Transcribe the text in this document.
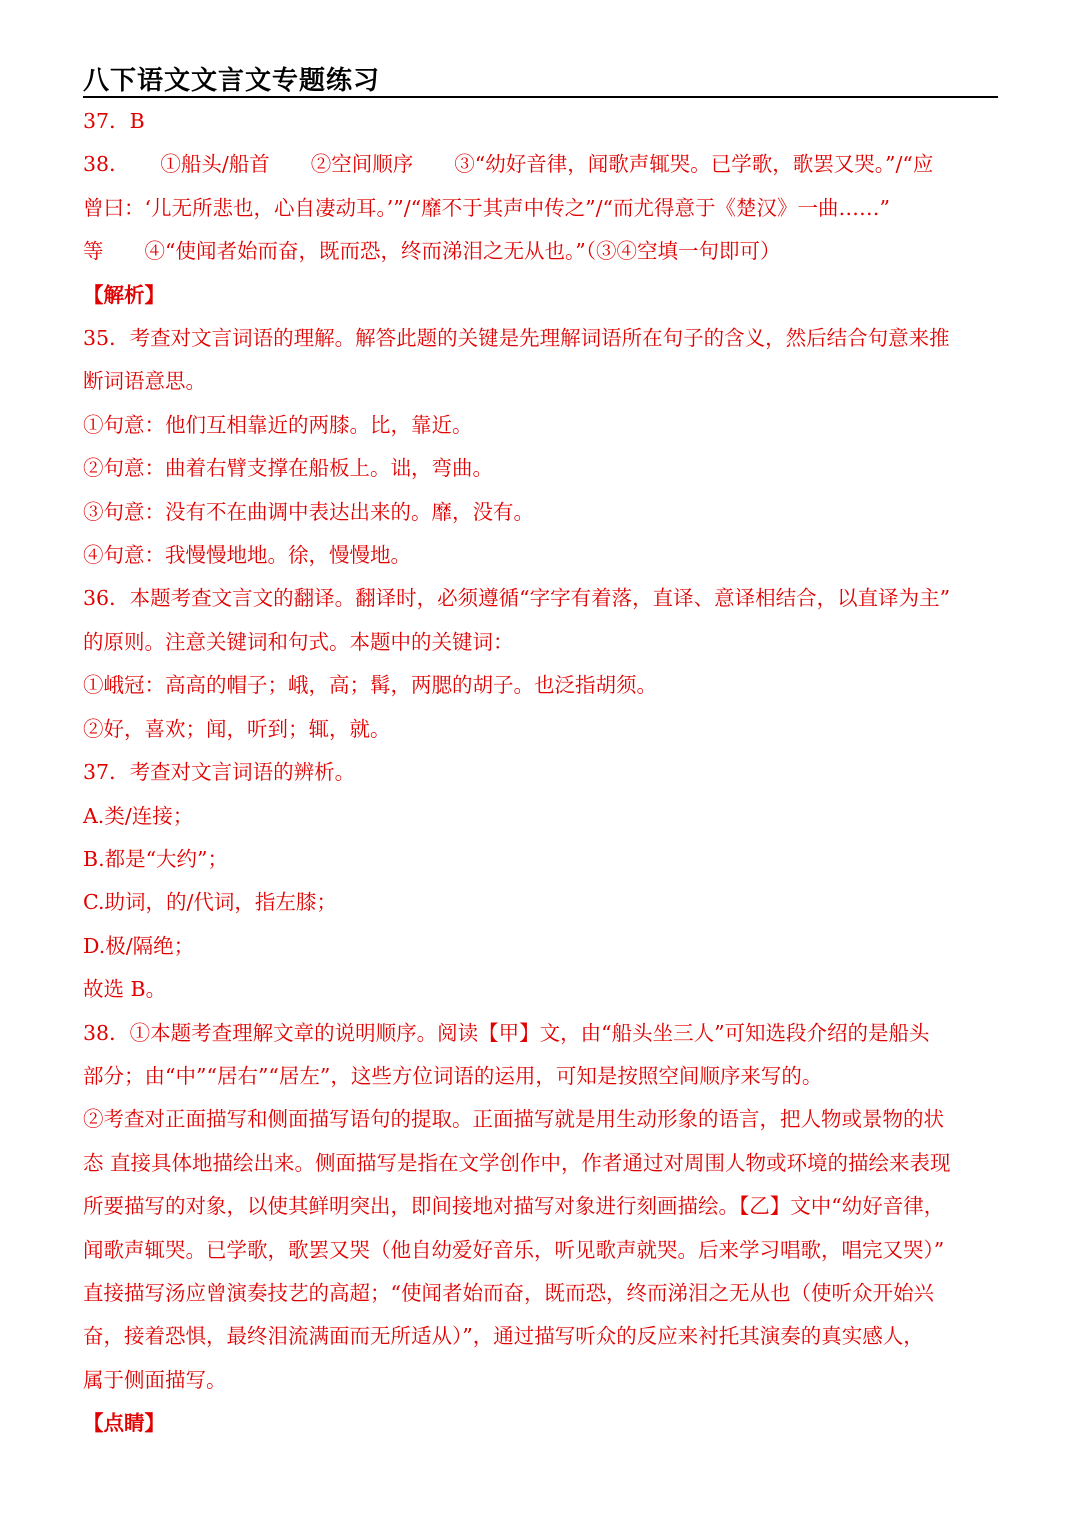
八下语文文言文专题练习
37．B
38．　　①船头/船首　　②空间顺序　　③“幼好音律，闻歌声辄哭。已学歌，歌罢又哭。”/“应
曾曰：‘儿无所悲也，心自凄动耳。’”/“靡不于其声中传之”/“而尤得意于《楚汉》一曲……”
等　　④“使闻者始而奋，既而恐，终而涕泪之无从也。”（③④空填一句即可）
【解析】
35．考查对文言词语的理解。解答此题的关键是先理解词语所在句子的含义，然后结合句意来推
断词语意思。
①句意：他们互相靠近的两膝。比，靠近。
②句意：曲着右臂支撑在船板上。诎，弯曲。
③句意：没有不在曲调中表达出来的。靡，没有。
④句意：我慢慢地地。徐，慢慢地。
36．本题考查文言文的翻译。翻译时，必须遵循“字字有着落，直译、意译相结合，以直译为主”
的原则。注意关键词和句式。本题中的关键词：
①峨冠：高高的帽子；峨，高；髯，两腮的胡子。也泛指胡须。
②好，喜欢；闻，听到；辄，就。
37．考查对文言词语的辨析。
A.类/连接；
B.都是“大约”；
C.助词，的/代词，指左膝；
D.极/隔绝；
故选 B。
38．①本题考查理解文章的说明顺序。阅读【甲】文，由“船头坐三人”可知选段介绍的是船头
部分；由“中”“居右”“居左”，这些方位词语的运用，可知是按照空间顺序来写的。
②考查对正面描写和侧面描写语句的提取。正面描写就是用生动形象的语言，把人物或景物的状
态 直接具体地描绘出来。侧面描写是指在文学创作中，作者通过对周围人物或环境的描绘来表现
所要描写的对象，以使其鲜明突出，即间接地对描写对象进行刻画描绘。【乙】文中“幼好音律，
闻歌声辄哭。已学歌，歌罢又哭（他自幼爱好音乐，听见歌声就哭。后来学习唱歌，唱完又哭）”
直接描写汤应曾演奏技艺的高超；“使闻者始而奋，既而恐，终而涕泪之无从也（使听众开始兴
奋，接着恐惧，最终泪流满面而无所适从）”，通过描写听众的反应来衬托其演奏的真实感人，
属于侧面描写。
【点睛】
